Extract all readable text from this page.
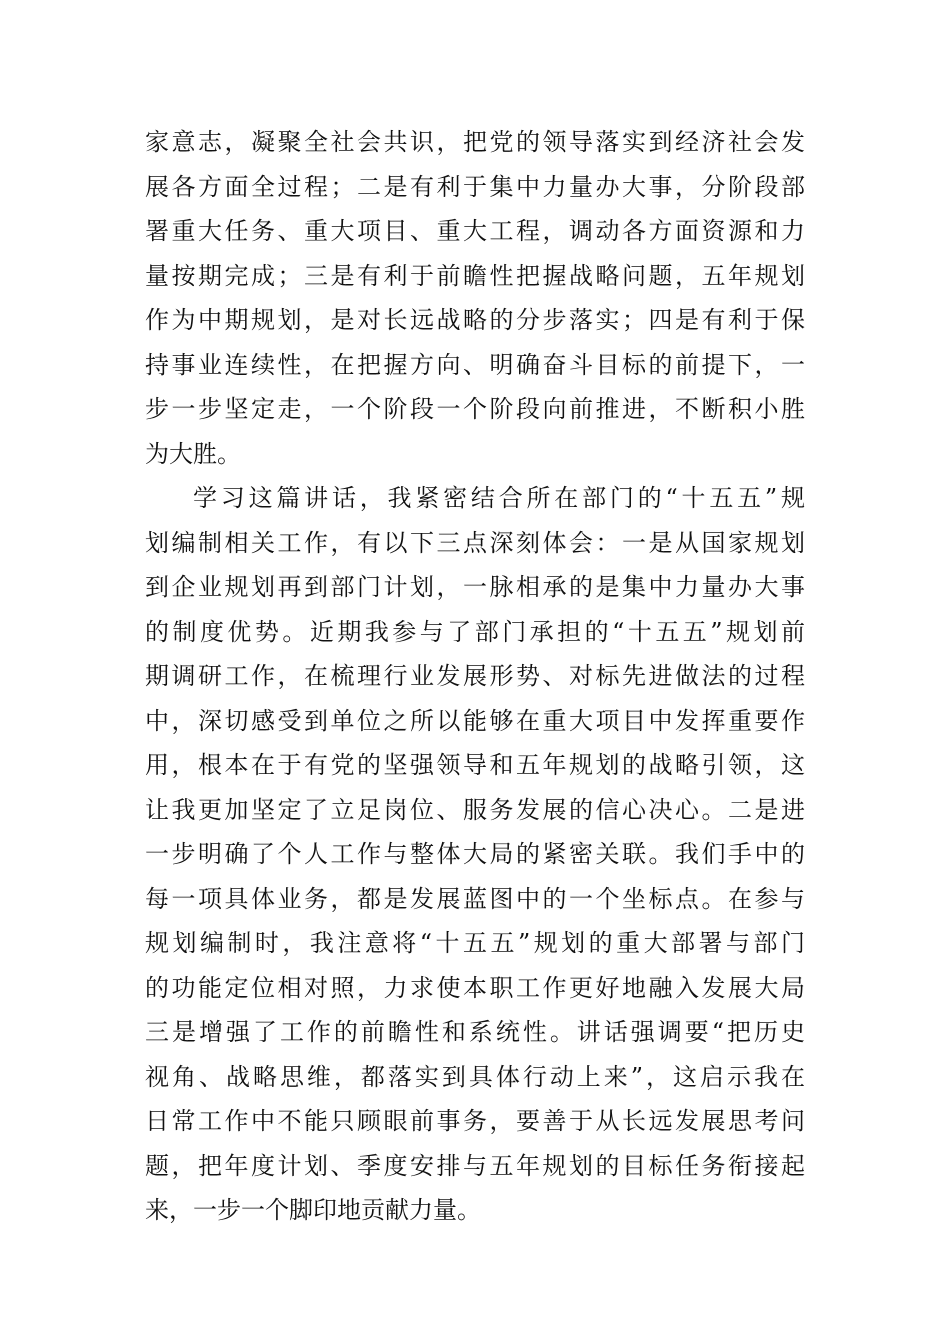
家意志，凝聚全社会共识，把党的领导落实到经济社会发
展各方面全过程；二是有利于集中力量办大事，分阶段部
署重大任务、重大项目、重大工程，调动各方面资源和力
量按期完成；三是有利于前瞻性把握战略问题，五年规划
作为中期规划，是对长远战略的分步落实；四是有利于保
持事业连续性，在把握方向、明确奋斗目标的前提下，一
步一步坚定走，一个阶段一个阶段向前推进，不断积小胜
为大胜。
学习这篇讲话，我紧密结合所在部门的“十五五”规
划编制相关工作，有以下三点深刻体会：一是从国家规划
到企业规划再到部门计划，一脉相承的是集中力量办大事
的制度优势。近期我参与了部门承担的“十五五”规划前
期调研工作，在梳理行业发展形势、对标先进做法的过程
中，深切感受到单位之所以能够在重大项目中发挥重要作
用，根本在于有党的坚强领导和五年规划的战略引领，这
让我更加坚定了立足岗位、服务发展的信心决心。二是进
一步明确了个人工作与整体大局的紧密关联。我们手中的
每一项具体业务，都是发展蓝图中的一个坐标点。在参与
规划编制时，我注意将“十五五”规划的重大部署与部门
的功能定位相对照，力求使本职工作更好地融入发展大局
三是增强了工作的前瞻性和系统性。讲话强调要“把历史
视角、战略思维，都落实到具体行动上来”，这启示我在
日常工作中不能只顾眼前事务，要善于从长远发展思考问
题，把年度计划、季度安排与五年规划的目标任务衔接起
来，一步一个脚印地贡献力量。
